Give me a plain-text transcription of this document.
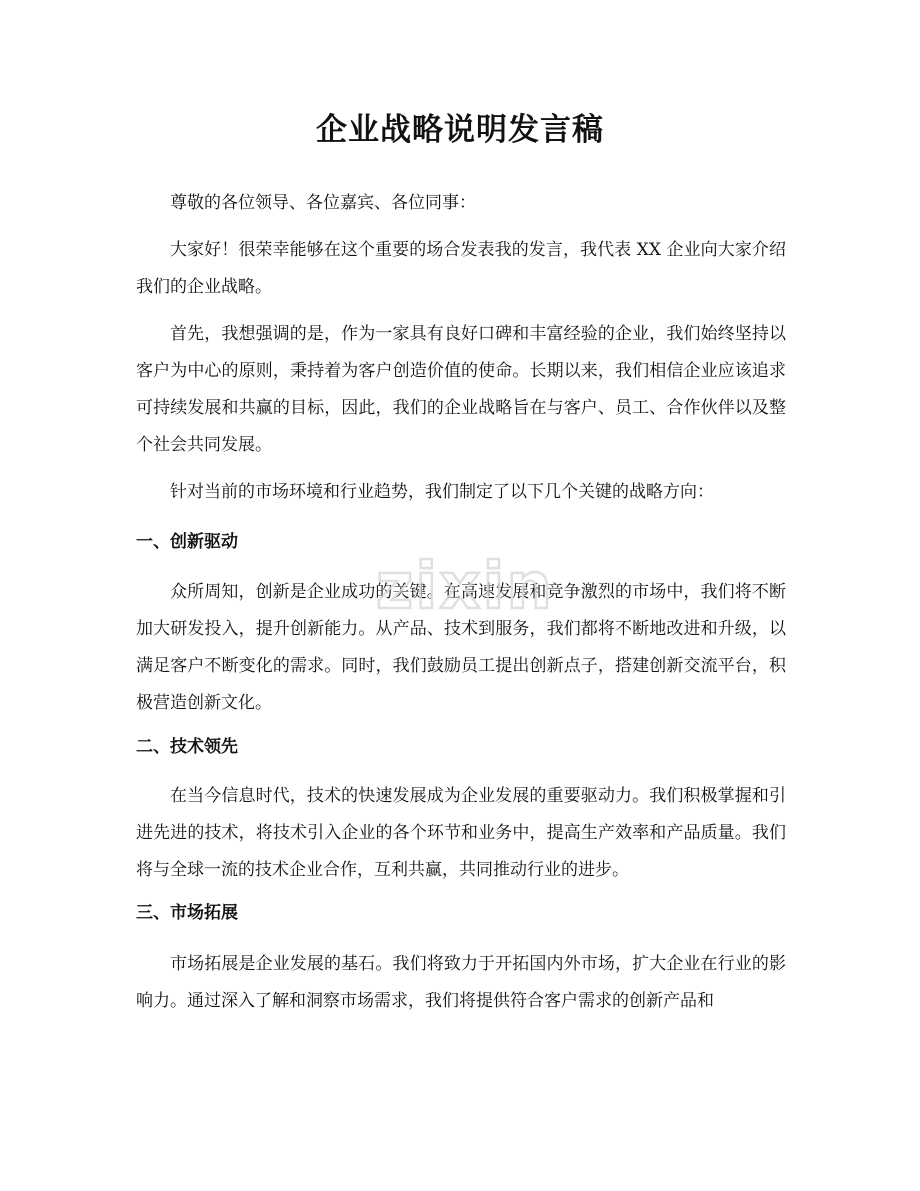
企业战略说明发言稿

尊敬的各位领导、各位嘉宾、各位同事：

大家好！很荣幸能够在这个重要的场合发表我的发言，我代表 XX 企业向大家介绍我们的企业战略。

首先，我想强调的是，作为一家具有良好口碑和丰富经验的企业，我们始终坚持以客户为中心的原则，秉持着为客户创造价值的使命。长期以来，我们相信企业应该追求可持续发展和共赢的目标，因此，我们的企业战略旨在与客户、员工、合作伙伴以及整个社会共同发展。

针对当前的市场环境和行业趋势，我们制定了以下几个关键的战略方向：

一、创新驱动

众所周知，创新是企业成功的关键。在高速发展和竞争激烈的市场中，我们将不断加大研发投入，提升创新能力。从产品、技术到服务，我们都将不断地改进和升级，以满足客户不断变化的需求。同时，我们鼓励员工提出创新点子，搭建创新交流平台，积极营造创新文化。

二、技术领先

在当今信息时代，技术的快速发展成为企业发展的重要驱动力。我们积极掌握和引进先进的技术，将技术引入企业的各个环节和业务中，提高生产效率和产品质量。我们将与全球一流的技术企业合作，互利共赢，共同推动行业的进步。

三、市场拓展

市场拓展是企业发展的基石。我们将致力于开拓国内外市场，扩大企业在行业的影响力。通过深入了解和洞察市场需求，我们将提供符合客户需求的创新产品和

zixin
